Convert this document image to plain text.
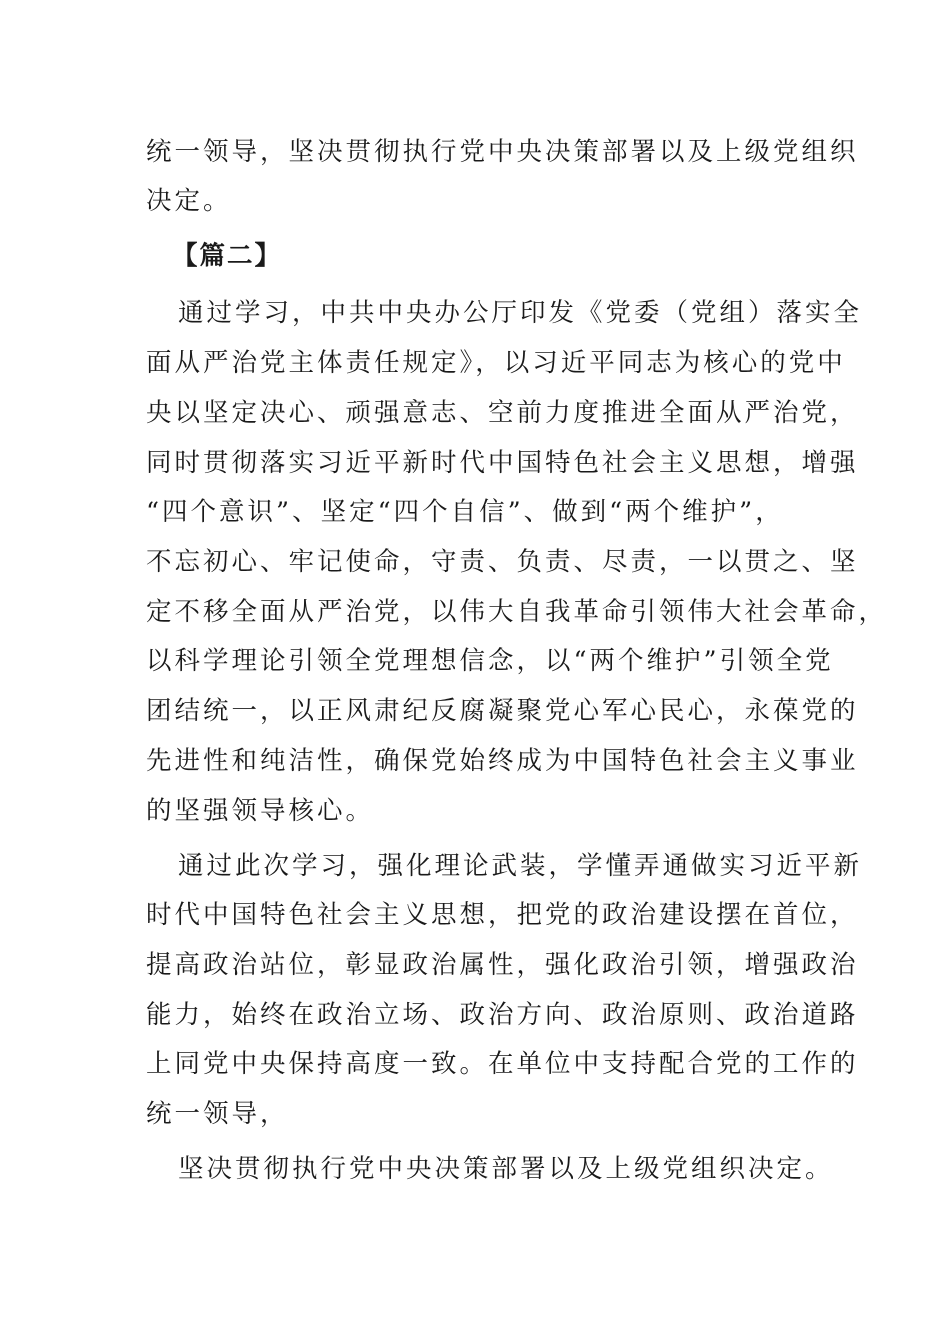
统一领导，坚决贯彻执行党中央决策部署以及上级党组织

决定。

【篇二】

通过学习，中共中央办公厅印发《党委（党组）落实全

面从严治党主体责任规定》，以习近平同志为核心的党中

央以坚定决心、顽强意志、空前力度推进全面从严治党，

同时贯彻落实习近平新时代中国特色社会主义思想，增强

“四个意识”、坚定“四个自信”、做到“两个维护”，

不忘初心、牢记使命，守责、负责、尽责，一以贯之、坚

定不移全面从严治党，以伟大自我革命引领伟大社会革命，

以科学理论引领全党理想信念，以“两个维护”引领全党

团结统一，以正风肃纪反腐凝聚党心军心民心，永葆党的

先进性和纯洁性，确保党始终成为中国特色社会主义事业

的坚强领导核心。

通过此次学习，强化理论武装，学懂弄通做实习近平新

时代中国特色社会主义思想，把党的政治建设摆在首位，

提高政治站位，彰显政治属性，强化政治引领，增强政治

能力，始终在政治立场、政治方向、政治原则、政治道路

上同党中央保持高度一致。在单位中支持配合党的工作的

统一领导，

坚决贯彻执行党中央决策部署以及上级党组织决定。
